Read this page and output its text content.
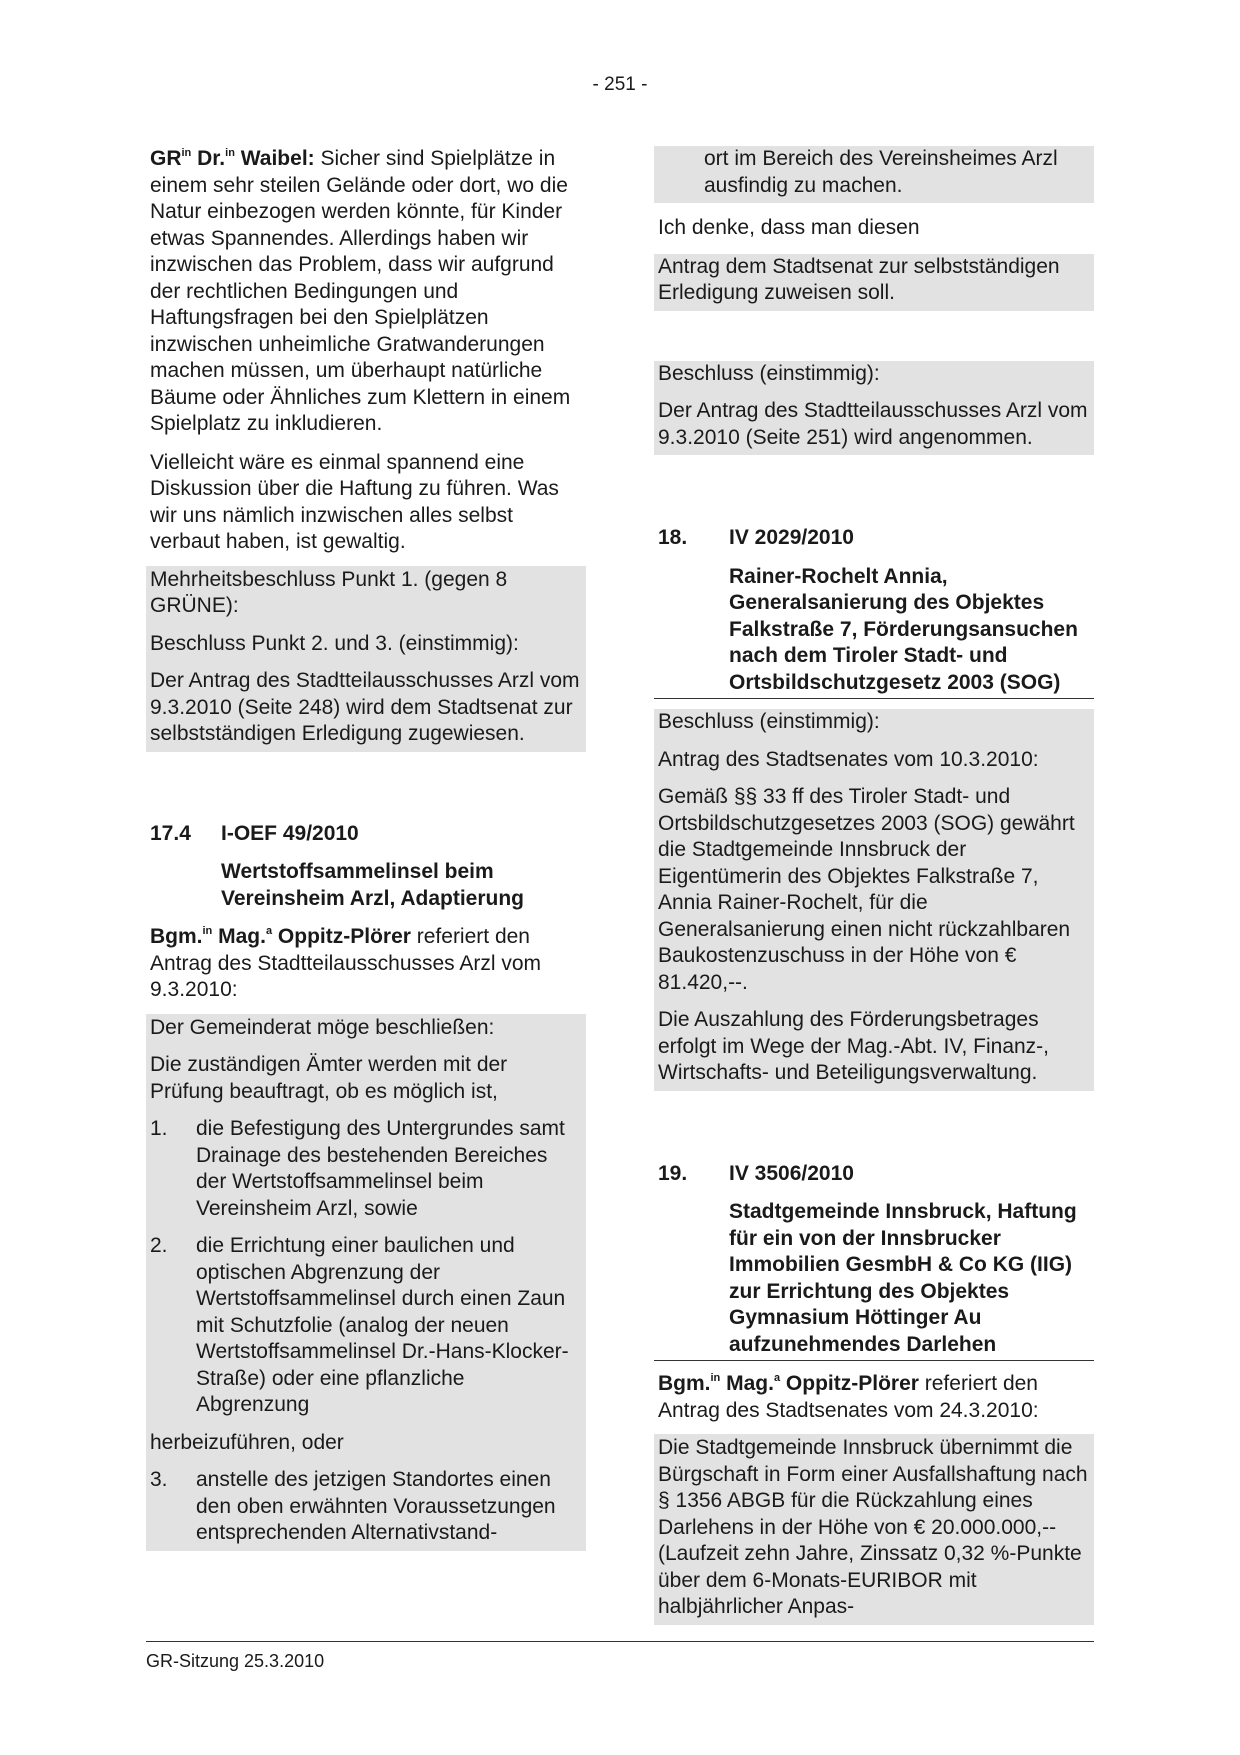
- 251 -

$GR^{in}$ Dr.$^{in}$ Waibel: Sicher sind Spielplätze in einem sehr steilen Gelände oder dort, wo die Natur einbezogen werden könnte, für Kinder etwas Spannendes. Allerdings haben wir inzwischen das Problem, dass wir aufgrund der rechtlichen Bedingungen und Haftungsfragen bei den Spielplätzen inzwischen unheimliche Gratwanderungen machen müssen, um überhaupt natürliche Bäume oder Ähnliches zum Klettern in einem Spielplatz zu inkludieren.

Vielleicht wäre es einmal spannend eine Diskussion über die Haftung zu führen. Was wir uns nämlich inzwischen alles selbst verbaut haben, ist gewaltig.

Mehrheitsbeschluss Punkt 1. (gegen 8 GRÜNE):

Beschluss Punkt 2. und 3. (einstimmig):

Der Antrag des Stadtteilausschusses Arzl vom 9.3.2010 (Seite 248) wird dem Stadtsenat zur selbstständigen Erledigung zugewiesen.

17.4	I-OEF 49/2010
Wertstoffsammelinsel beim Vereinsheim Arzl, Adaptierung

Bgm.$^{in}$ Mag.$^a$ Oppitz-Plörer referiert den Antrag des Stadtteilausschusses Arzl vom 9.3.2010:

Der Gemeinderat möge beschließen:

Die zuständigen Ämter werden mit der Prüfung beauftragt, ob es möglich ist,

1.	die Befestigung des Untergrundes samt Drainage des bestehenden Bereiches der Wertstoffsammelinsel beim Vereinsheim Arzl, sowie
2.	die Errichtung einer baulichen und optischen Abgrenzung der Wertstoffsammelinsel durch einen Zaun mit Schutzfolie (analog der neuen Wertstoffsammelinsel Dr.-Hans-Klocker-Straße) oder eine pflanzliche Abgrenzung

herbeizuführen, oder

3.	anstelle des jetzigen Standortes einen den oben erwähnten Voraussetzungen entsprechenden Alternativstand-

ort im Bereich des Vereinsheimes Arzl ausfindig zu machen.

Ich denke, dass man diesen

Antrag dem Stadtsenat zur selbstständigen Erledigung zuweisen soll.

Beschluss (einstimmig):

Der Antrag des Stadtteilausschusses Arzl vom 9.3.2010 (Seite 251) wird angenommen.

18.	IV 2029/2010
Rainer-Rochelt Annia, Generalsanierung des Objektes Falkstraße 7, Förderungsansuchen nach dem Tiroler Stadt- und Ortsbildschutzgesetz 2003 (SOG)

Beschluss (einstimmig):

Antrag des Stadtsenates vom 10.3.2010:

Gemäß §§ 33 ff des Tiroler Stadt- und Ortsbildschutzgesetzes 2003 (SOG) gewährt die Stadtgemeinde Innsbruck der Eigentümerin des Objektes Falkstraße 7, Annia Rainer-Rochelt, für die Generalsanierung einen nicht rückzahlbaren Baukostenzuschuss in der Höhe von € 81.420,--.

Die Auszahlung des Förderungsbetrages erfolgt im Wege der Mag.-Abt. IV, Finanz-, Wirtschafts- und Beteiligungsverwaltung.

19.	IV 3506/2010
Stadtgemeinde Innsbruck, Haftung für ein von der Innsbrucker Immobilien GesmbH & Co KG (IIG) zur Errichtung des Objektes Gymnasium Höttinger Au aufzunehmendes Darlehen

Bgm.$^{in}$ Mag.$^a$ Oppitz-Plörer referiert den Antrag des Stadtsenates vom 24.3.2010:

Die Stadtgemeinde Innsbruck übernimmt die Bürgschaft in Form einer Ausfallshaftung nach § 1356 ABGB für die Rückzahlung eines Darlehens in der Höhe von € 20.000.000,-- (Laufzeit zehn Jahre, Zinssatz 0,32 %-Punkte über dem 6-Monats-EURIBOR mit halbjährlicher Anpas-

GR-Sitzung 25.3.2010
